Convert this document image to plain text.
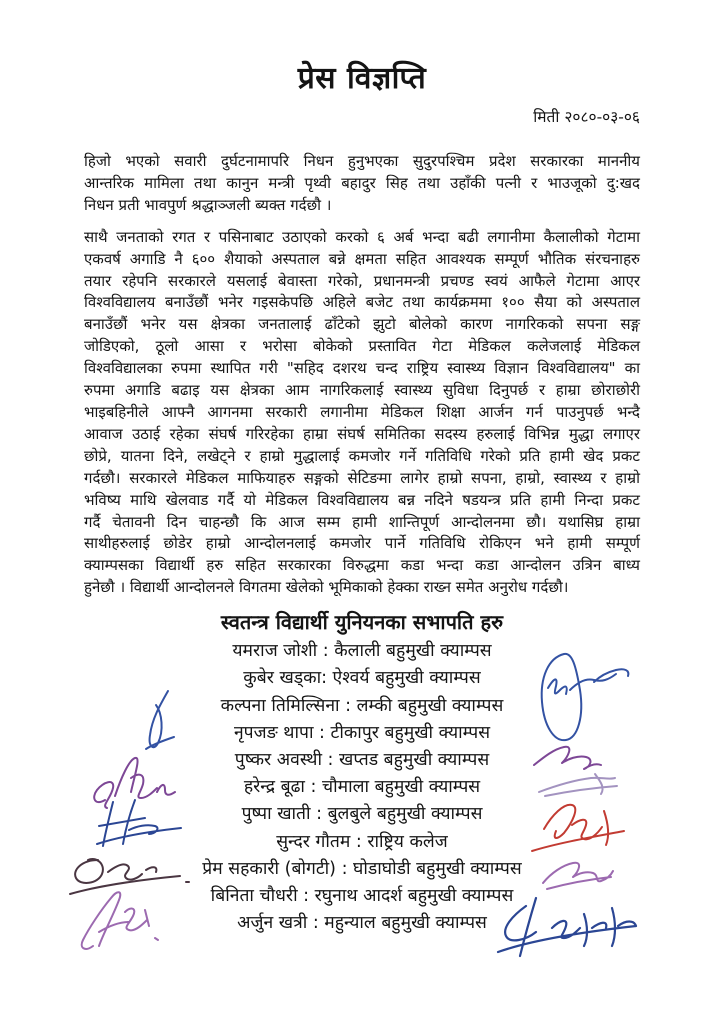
प्रेस विज्ञप्ति
मिती २०८०-०३-०६
हिजो भएको सवारी दुर्घटनामापरि निधन हुनुभएका सुदुरपश्चिम प्रदेश सरकारका माननीय
आन्तरिक मामिला तथा कानुन मन्त्री पृथ्वी बहादुर सिह तथा उहाँकी पत्नी र भाउजूको दु:खद
निधन प्रती भावपुर्ण श्रद्धाञ्जली ब्यक्त गर्दछौ ।
साथै जनताको रगत र पसिनाबाट उठाएको करको ६ अर्ब भन्दा बढी लगानीमा कैलालीको गेटामा
एकवर्ष अगाडि नै ६०० शैयाको अस्पताल बन्ने क्षमता सहित आवश्यक सम्पूर्ण भौतिक संरचनाहरु
तयार रहेपनि सरकारले यसलाई बेवास्ता गरेको, प्रधानमन्त्री प्रचण्ड स्वयं आफैले गेटामा आएर
विश्वविद्यालय बनाउँछौं भनेर गइसकेपछि अहिले बजेट तथा कार्यक्रममा १०० सैया को अस्पताल
बनाउँछौं भनेर यस क्षेत्रका जनतालाई ढाँटेको झुटो बोलेको कारण नागरिकको सपना सङ्ग
जोडिएको, ठूलो आसा र भरोसा बोकेको प्रस्तावित गेटा मेडिकल कलेजलाई मेडिकल
विश्वविद्यालका रुपमा स्थापित गरी "सहिद दशरथ चन्द राष्ट्रिय स्वास्थ्य विज्ञान विश्वविद्यालय" का
रुपमा अगाडि बढाइ यस क्षेत्रका आम नागरिकलाई स्वास्थ्य सुविधा दिनुपर्छ र हाम्रा छोराछोरी
भाइबहिनीले आफ्नै आगनमा सरकारी लगानीमा मेडिकल शिक्षा आर्जन गर्न पाउनुपर्छ भन्दै
आवाज उठाई रहेका संघर्ष गरिरहेका हाम्रा संघर्ष समितिका सदस्य हरुलाई विभिन्न मुद्धा लगाएर
छोप्रे, यातना दिने, लखेट्ने र हाम्रो मुद्धालाई कमजोर गर्ने गतिविधि गरेको प्रति हामी खेद प्रकट
गर्दछौ। सरकारले मेडिकल माफियाहरु सङ्गको सेटिङमा लागेर हाम्रो सपना, हाम्रो, स्वास्थ्य र हाम्रो
भविष्य माथि खेलवाड गर्दै यो मेडिकल विश्वविद्यालय बन्न नदिने षडयन्त्र प्रति हामी निन्दा प्रकट
गर्दै चेतावनी दिन चाहन्छौ कि आज सम्म हामी शान्तिपूर्ण आन्दोलनमा छौ। यथासिघ्र हाम्रा
साथीहरुलाई छोडेर हाम्रो आन्दोलनलाई कमजोर पार्ने गतिविधि रोकिएन भने हामी सम्पूर्ण
क्याम्पसका विद्यार्थी हरु सहित सरकारका विरुद्धमा कडा भन्दा कडा आन्दोलन उत्रिन बाध्य
हुनेछौ । विद्यार्थी आन्दोलनले विगतमा खेलेको भूमिकाको हेक्का राख्न समेत अनुरोध गर्दछौ।
स्वतन्त्र विद्यार्थी युनियनका सभापति हरु
यमराज जोशी : कैलाली बहुमुखी क्याम्पस
कुबेर खड्का: ऐश्वर्य बहुमुखी क्याम्पस
कल्पना तिमिल्सिना : लम्की बहुमुखी क्याम्पस
नृपजङ थापा : टीकापुर बहुमुखी क्याम्पस
पुष्कर अवस्थी : खप्तड बहुमुखी क्याम्पस
हरेन्द्र बूढा : चौमाला बहुमुखी क्याम्पस
पुष्पा खाती : बुलबुले बहुमुखी क्याम्पस
सुन्दर गौतम : राष्ट्रिय कलेज
प्रेम सहकारी (बोगटी) : घोडाघोडी बहुमुखी क्याम्पस
बिनिता चौधरी : रघुनाथ आदर्श बहुमुखी क्याम्पस
अर्जुन खत्री : महुन्याल बहुमुखी क्याम्पस
